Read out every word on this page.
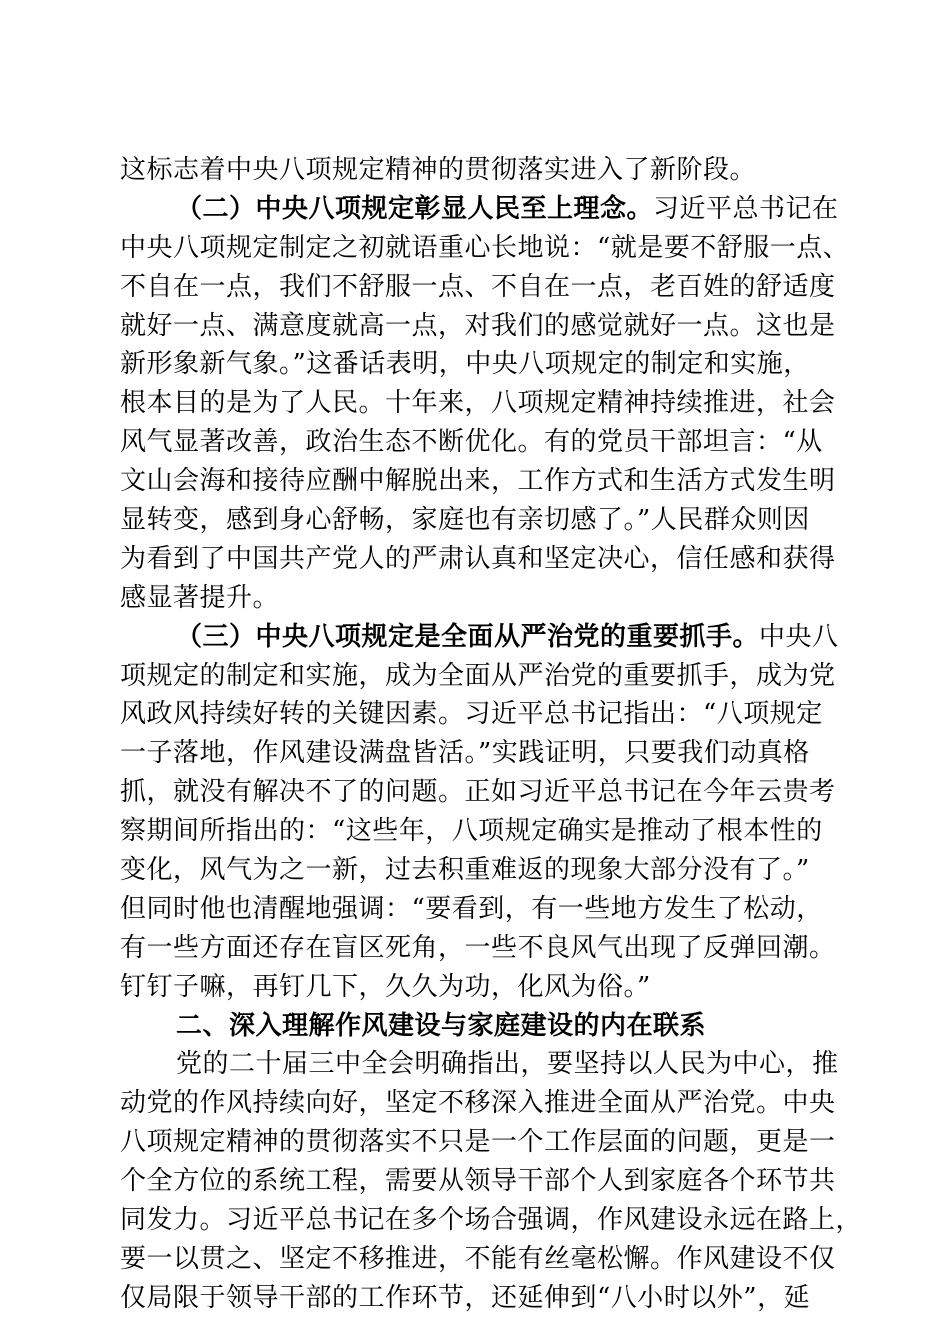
这标志着中央八项规定精神的贯彻落实进入了新阶段。
（二）中央八项规定彰显人民至上理念。习近平总书记在
中央八项规定制定之初就语重心长地说：“就是要不舒服一点、
不自在一点，我们不舒服一点、不自在一点，老百姓的舒适度
就好一点、满意度就高一点，对我们的感觉就好一点。这也是
新形象新气象。”这番话表明，中央八项规定的制定和实施，
根本目的是为了人民。十年来，八项规定精神持续推进，社会
风气显著改善，政治生态不断优化。有的党员干部坦言：“从
文山会海和接待应酬中解脱出来，工作方式和生活方式发生明
显转变，感到身心舒畅，家庭也有亲切感了。”人民群众则因
为看到了中国共产党人的严肃认真和坚定决心，信任感和获得
感显著提升。
（三）中央八项规定是全面从严治党的重要抓手。中央八
项规定的制定和实施，成为全面从严治党的重要抓手，成为党
风政风持续好转的关键因素。习近平总书记指出：“八项规定
一子落地，作风建设满盘皆活。”实践证明，只要我们动真格
抓，就没有解决不了的问题。正如习近平总书记在今年云贵考
察期间所指出的：“这些年，八项规定确实是推动了根本性的
变化，风气为之一新，过去积重难返的现象大部分没有了。”
但同时他也清醒地强调：“要看到，有一些地方发生了松动，
有一些方面还存在盲区死角，一些不良风气出现了反弹回潮。
钉钉子嘛，再钉几下，久久为功，化风为俗。”
二、深入理解作风建设与家庭建设的内在联系
党的二十届三中全会明确指出，要坚持以人民为中心，推
动党的作风持续向好，坚定不移深入推进全面从严治党。中央
八项规定精神的贯彻落实不只是一个工作层面的问题，更是一
个全方位的系统工程，需要从领导干部个人到家庭各个环节共
同发力。习近平总书记在多个场合强调，作风建设永远在路上，
要一以贯之、坚定不移推进，不能有丝毫松懈。作风建设不仅
仅局限于领导干部的工作环节，还延伸到“八小时以外”，延
